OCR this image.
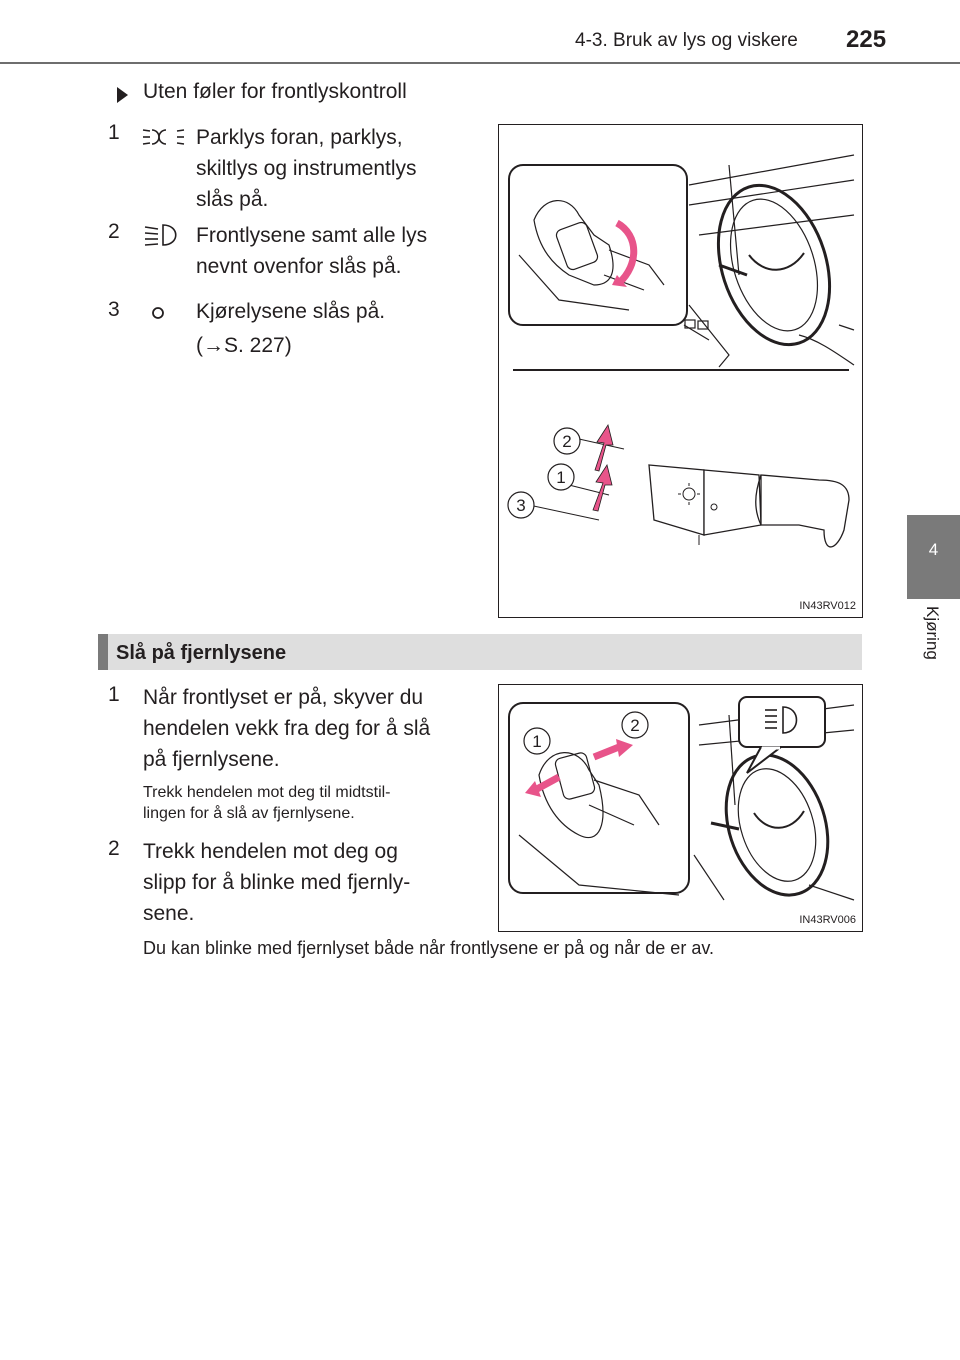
4-3. Bruk av lys og viskere 225
4
Kjøring
Uten føler for frontlyskontroll
1	Parklys foran, parklys,
skiltlys og instrumentlys
slås på.
2	Frontlysene samt alle lys
nevnt ovenfor slås på.
3	Kjørelysene slås på.
(→S. 227)
2
1
3
IN43RV012
Slå på fjernlysene
1 Når frontlyset er på, skyver du
hendelen vekk fra deg for å slå
på fjernlysene.
Trekk hendelen mot deg til midtstil-
lingen for å slå av fjernlysene.
2 Trekk hendelen mot deg og
slipp for å blinke med fjernly-
sene.
1
2
IN43RV006
Du kan blinke med fjernlyset både når frontlysene er på og når de er av.
